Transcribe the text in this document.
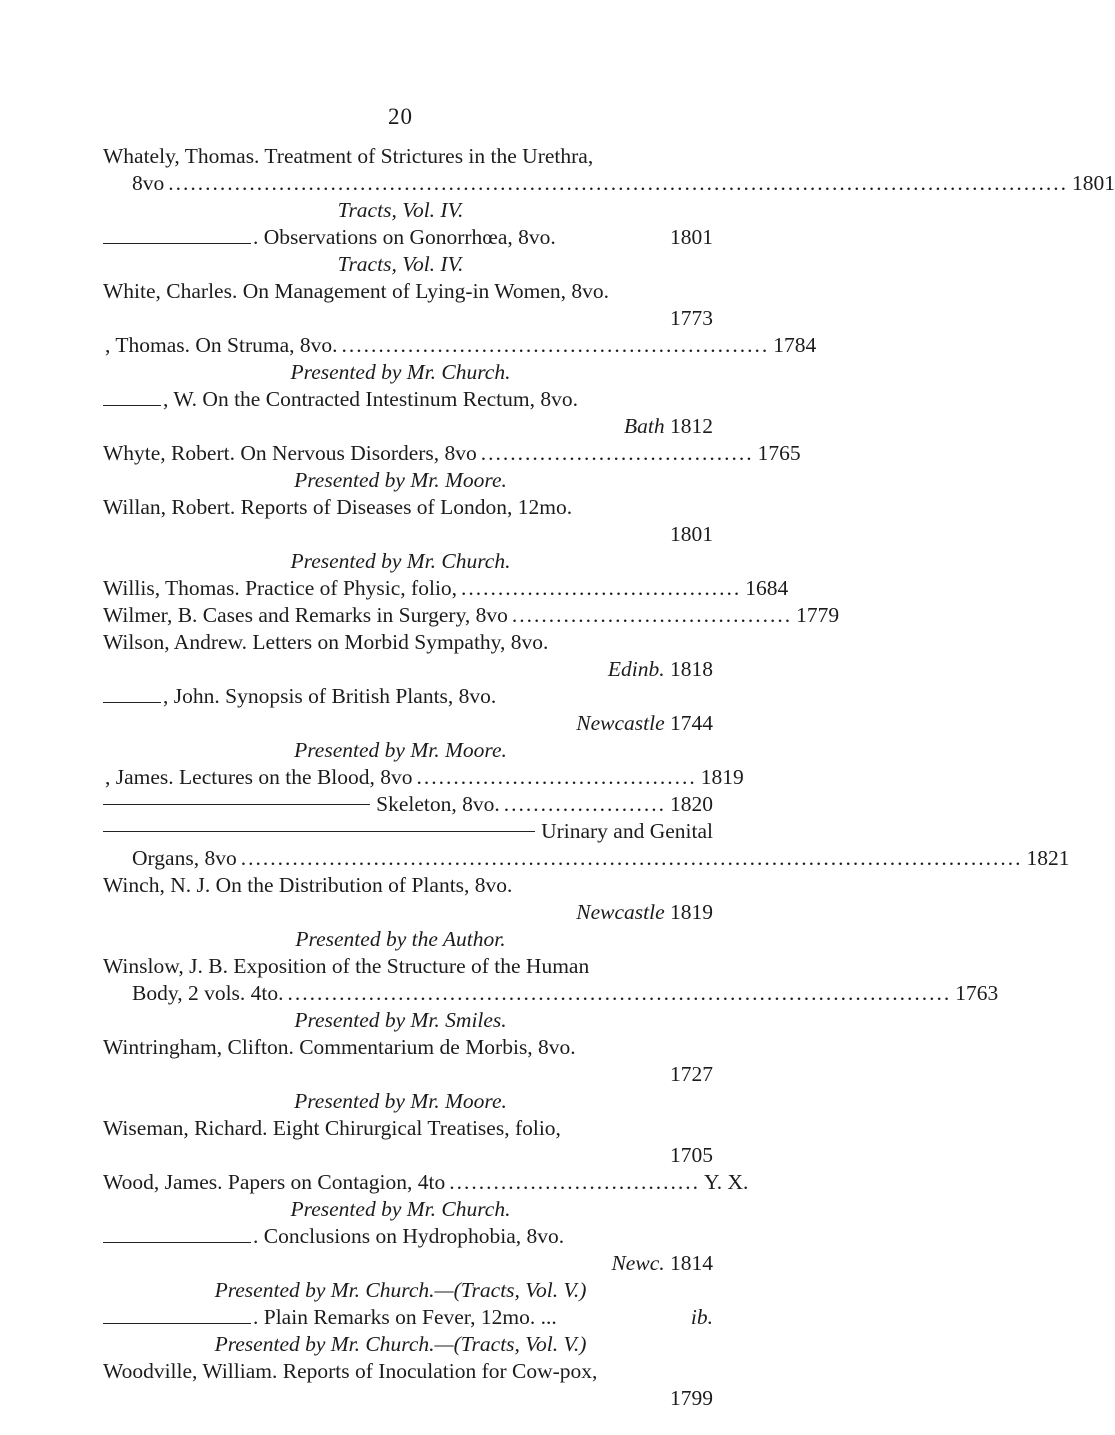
20
Whately, Thomas. Treatment of Strictures in the Urethra,
8vo .......................................................................................................................... 1801
Tracts, Vol. IV.
. Observations on Gonorrhœa, 8vo.	1801
Tracts, Vol. IV.
White, Charles. On Management of Lying-in Women, 8vo.
1773
, Thomas. On Struma, 8vo. .......................................................... 1784
Presented by Mr. Church.
, W. On the Contracted Intestinum Rectum, 8vo.
Bath 1812
Whyte, Robert. On Nervous Disorders, 8vo ..................................... 1765
Presented by Mr. Moore.
Willan, Robert. Reports of Diseases of London, 12mo.
1801
Presented by Mr. Church.
Willis, Thomas. Practice of Physic, folio, ...................................... 1684
Wilmer, B. Cases and Remarks in Surgery, 8vo ...................................... 1779
Wilson, Andrew. Letters on Morbid Sympathy, 8vo.
Edinb. 1818
, John. Synopsis of British Plants, 8vo.
Newcastle 1744
Presented by Mr. Moore.
, James. Lectures on the Blood, 8vo ...................................... 1819
Skeleton, 8vo. ...................... 1820
Urinary and Genital
Organs, 8vo .......................................................................................................... 1821
Winch, N. J. On the Distribution of Plants, 8vo.
Newcastle 1819
Presented by the Author.
Winslow, J. B. Exposition of the Structure of the Human
Body, 2 vols. 4to. .......................................................................................... 1763
Presented by Mr. Smiles.
Wintringham, Clifton. Commentarium de Morbis, 8vo.
1727
Presented by Mr. Moore.
Wiseman, Richard. Eight Chirurgical Treatises, folio,
1705
Wood, James. Papers on Contagion, 4to .................................. Y. X.
Presented by Mr. Church.
. Conclusions on Hydrophobia, 8vo.
Newc. 1814
Presented by Mr. Church.—(Tracts, Vol. V.)
. Plain Remarks on Fever, 12mo. ...	ib.
Presented by Mr. Church.—(Tracts, Vol. V.)
Woodville, William. Reports of Inoculation for Cow-pox,
1799
